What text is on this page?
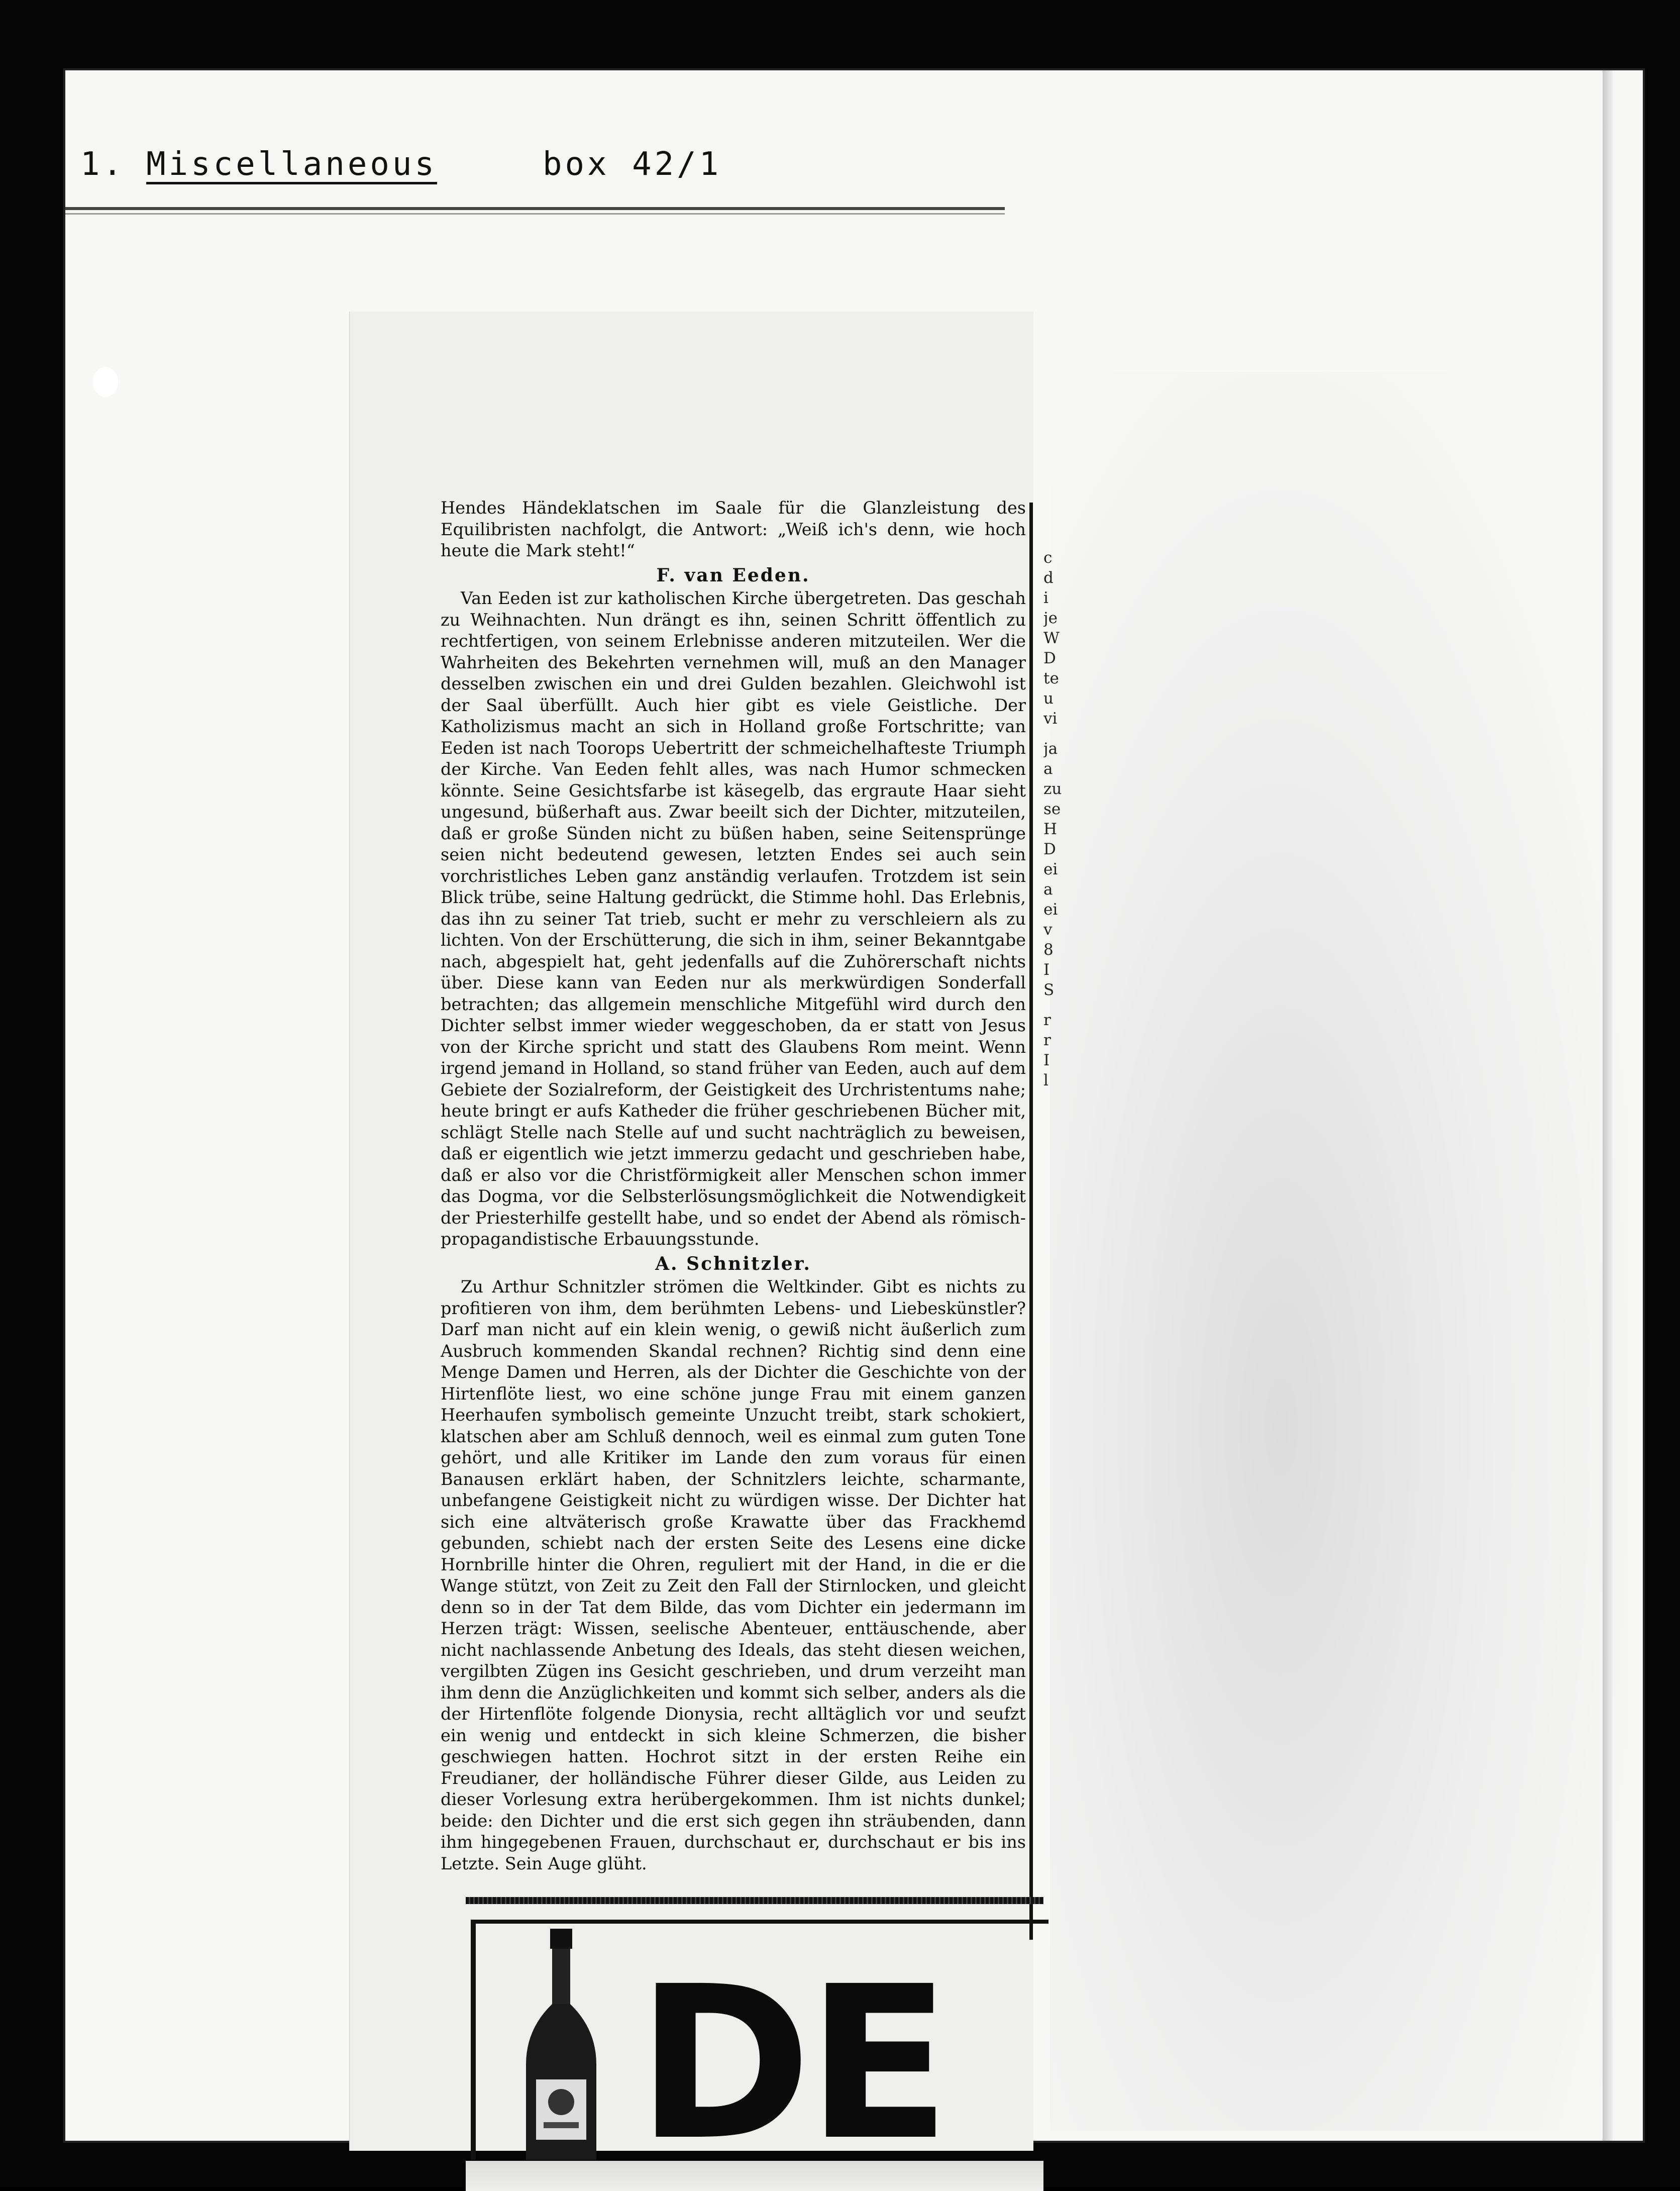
1. Miscellaneous	box 42/1

Hendes Händeklatschen im Saale für die Glanzleistung des Equilibristen nachfolgt, die Antwort: „Weiß ich's denn, wie hoch heute die Mark steht!“

F. van Eeden.

Van Eeden ist zur katholischen Kirche übergetreten. Das geschah zu Weihnachten. Nun drängt es ihn, seinen Schritt öffentlich zu rechtfertigen, von seinem Erlebnisse anderen mitzuteilen. Wer die Wahrheiten des Bekehrten vernehmen will, muß an den Manager desselben zwischen ein und drei Gulden bezahlen. Gleichwohl ist der Saal überfüllt. Auch hier gibt es viele Geistliche. Der Katholizismus macht an sich in Holland große Fortschritte; van Eeden ist nach Toorops Uebertritt der schmeichelhafteste Triumph der Kirche. Van Eeden fehlt alles, was nach Humor schmecken könnte. Seine Gesichtsfarbe ist käsegelb, das ergraute Haar sieht ungesund, büßerhaft aus. Zwar beeilt sich der Dichter, mitzuteilen, daß er große Sünden nicht zu büßen haben, seine Seitensprünge seien nicht bedeutend gewesen, letzten Endes sei auch sein vorchristliches Leben ganz anständig verlaufen. Trotzdem ist sein Blick trübe, seine Haltung gedrückt, die Stimme hohl. Das Erlebnis, das ihn zu seiner Tat trieb, sucht er mehr zu verschleiern als zu lichten. Von der Erschütterung, die sich in ihm, seiner Bekanntgabe nach, abgespielt hat, geht jedenfalls auf die Zuhörerschaft nichts über. Diese kann van Eeden nur als merkwürdigen Sonderfall betrachten; das allgemein menschliche Mitgefühl wird durch den Dichter selbst immer wieder weggeschoben, da er statt von Jesus von der Kirche spricht und statt des Glaubens Rom meint. Wenn irgend jemand in Holland, so stand früher van Eeden, auch auf dem Gebiete der Sozialreform, der Geistigkeit des Urchristentums nahe; heute bringt er aufs Katheder die früher geschriebenen Bücher mit, schlägt Stelle nach Stelle auf und sucht nachträglich zu beweisen, daß er eigentlich wie jetzt immerzu gedacht und geschrieben habe, daß er also vor die Christförmigkeit aller Menschen schon immer das Dogma, vor die Selbsterlösungsmöglichkeit die Notwendigkeit der Priesterhilfe gestellt habe, und so endet der Abend als römisch-propagandistische Erbauungsstunde.

A. Schnitzler.

Zu Arthur Schnitzler strömen die Weltkinder. Gibt es nichts zu profitieren von ihm, dem berühmten Lebens- und Liebeskünstler? Darf man nicht auf ein klein wenig, o gewiß nicht äußerlich zum Ausbruch kommenden Skandal rechnen? Richtig sind denn eine Menge Damen und Herren, als der Dichter die Geschichte von der Hirtenflöte liest, wo eine schöne junge Frau mit einem ganzen Heerhaufen symbolisch gemeinte Unzucht treibt, stark schokiert, klatschen aber am Schluß dennoch, weil es einmal zum guten Tone gehört, und alle Kritiker im Lande den zum voraus für einen Banausen erklärt haben, der Schnitzlers leichte, scharmante, unbefangene Geistigkeit nicht zu würdigen wisse. Der Dichter hat sich eine altväterisch große Krawatte über das Frackhemd gebunden, schiebt nach der ersten Seite des Lesens eine dicke Hornbrille hinter die Ohren, reguliert mit der Hand, in die er die Wange stützt, von Zeit zu Zeit den Fall der Stirnlocken, und gleicht denn so in der Tat dem Bilde, das vom Dichter ein jedermann im Herzen trägt: Wissen, seelische Abenteuer, enttäuschende, aber nicht nachlassende Anbetung des Ideals, das steht diesen weichen, vergilbten Zügen ins Gesicht geschrieben, und drum verzeiht man ihm denn die Anzüglichkeiten und kommt sich selber, anders als die der Hirtenflöte folgende Dionysia, recht alltäglich vor und seufzt ein wenig und entdeckt in sich kleine Schmerzen, die bisher geschwiegen hatten. Hochrot sitzt in der ersten Reihe ein Freudianer, der holländische Führer dieser Gilde, aus Leiden zu dieser Vorlesung extra herübergekommen. Ihm ist nichts dunkel; beide: den Dichter und die erst sich gegen ihn sträubenden, dann ihm hingegebenen Frauen, durchschaut er, durchschaut er bis ins Letzte. Sein Auge glüht.

c
d
i
je
W
D
te
u
vi
ja
a
zu
se
H
D
ei
a
ei
v
8
I
S
r
r
I
l
DE
